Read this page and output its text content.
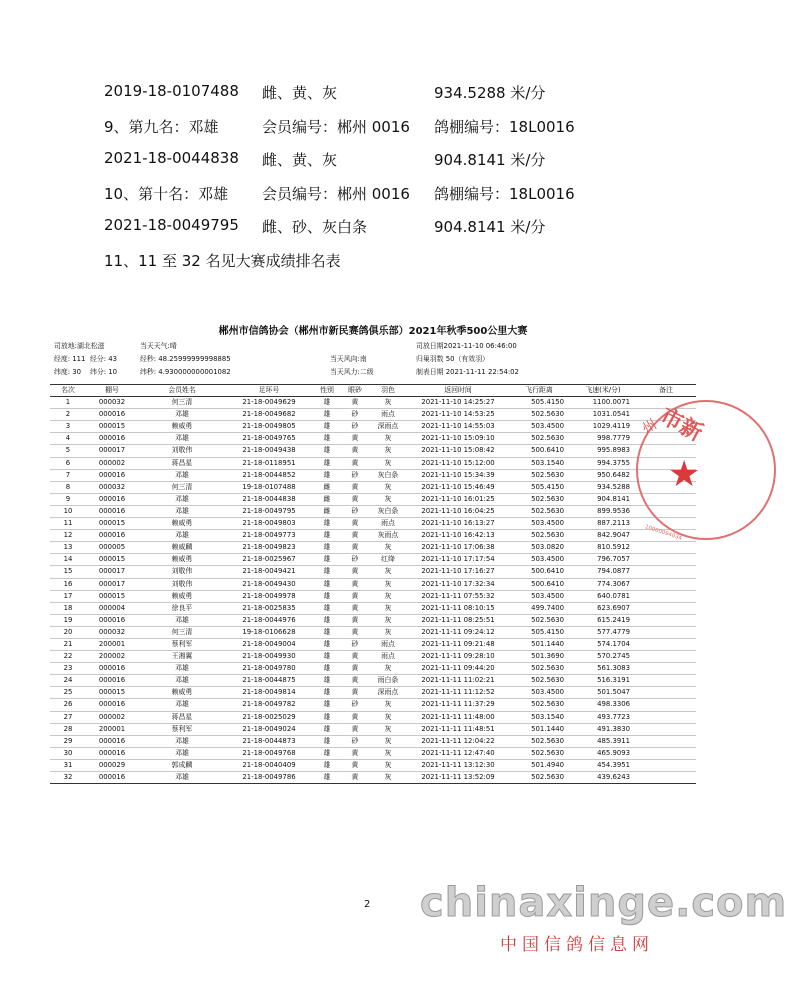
2019-18-0107488 雌、黄、灰	934.5288 米/分
9、第九名：邓雄	会员编号：郴州 0016 鸽棚编号：18L0016
2021-18-0044838 雌、黄、灰	904.8141 米/分
10、第十名：邓雄 会员编号：郴州 0016 鸽棚编号：18L0016
2021-18-0049795 雌、砂、灰白条	904.8141 米/分
11、11 至 32 名见大赛成绩排名表
郴州市信鸽协会（郴州市新民赛鸽俱乐部）2021年秋季500公里大赛
司放地:湖北松滋	当天天气:晴	司放日期2021-11-10 06:46:00
经度: 111 经分: 43	经秒: 48.25999999998885	当天风向:南	归巢羽数 50（有效羽）
纬度: 30 纬分: 10	纬秒: 4.930000000001082	当天风力:二级	制表日期 2021-11-11 22:54:02
名次	棚号	会员姓名	足环号	性别	眼砂	羽色	返回时间	飞行距离	飞速(米/分)	备注
1	000032	何三清	21-18-0049629	雄	黄	灰	2021-11-10 14:25:27	505.4150	1100.0071	
2	000016	邓雄	21-18-0049682	雄	砂	雨点	2021-11-10 14:53:25	502.5630	1031.0541	
3	000015	赖威勇	21-18-0049805	雄	砂	深雨点	2021-11-10 14:55:03	503.4500	1029.4119	
4	000016	邓雄	21-18-0049765	雄	黄	灰	2021-11-10 15:09:10	502.5630	998.7779	
5	000017	刘敬伟	21-18-0049438	雄	黄	灰	2021-11-10 15:08:42	500.6410	995.8983	
6	000002	蒋昌星	21-18-0118951	雄	黄	灰	2021-11-10 15:12:00	503.1540	994.3755	
7	000016	邓雄	21-18-0044852	雄	砂	灰白条	2021-11-10 15:34:39	502.5630	950.6482	
8	000032	何三清	19-18-0107488	雌	黄	灰	2021-11-10 15:46:49	505.4150	934.5288	
9	000016	邓雄	21-18-0044838	雌	黄	灰	2021-11-10 16:01:25	502.5630	904.8141	
10	000016	邓雄	21-18-0049795	雌	砂	灰白条	2021-11-10 16:04:25	502.5630	899.9536	
11	000015	赖威勇	21-18-0049803	雄	黄	雨点	2021-11-10 16:13:27	503.4500	887.2113	
12	000016	邓雄	21-18-0049773	雄	黄	灰雨点	2021-11-10 16:42:13	502.5630	842.9047	
13	000005	赖威麟	21-18-0049823	雄	黄	灰	2021-11-10 17:06:38	503.0820	810.5912	
14	000015	赖威勇	21-18-0025967	雄	砂	红绛	2021-11-10 17:17:54	503.4500	796.7057	
15	000017	刘敬伟	21-18-0049421	雄	黄	灰	2021-11-10 17:16:27	500.6410	794.0877	
16	000017	刘敬伟	21-18-0049430	雄	黄	灰	2021-11-10 17:32:34	500.6410	774.3067	
17	000015	赖威勇	21-18-0049978	雄	黄	灰	2021-11-11 07:55:32	503.4500	640.0781	
18	000004	徐良平	21-18-0025835	雄	黄	灰	2021-11-11 08:10:15	499.7400	623.6907	
19	000016	邓雄	21-18-0044976	雄	黄	灰	2021-11-11 08:25:51	502.5630	615.2419	
20	000032	何三清	19-18-0106628	雄	黄	灰	2021-11-11 09:24:12	505.4150	577.4779	
21	200001	蔡利军	21-18-0049004	雄	砂	雨点	2021-11-11 09:21:48	501.1440	574.1704	
22	200002	王湘翼	21-18-0049930	雄	黄	雨点	2021-11-11 09:28:10	501.3690	570.2745	
23	000016	邓雄	21-18-0049780	雄	黄	灰	2021-11-11 09:44:20	502.5630	561.3083	
24	000016	邓雄	21-18-0044875	雄	黄	雨白条	2021-11-11 11:02:21	502.5630	516.3191	
25	000015	赖威勇	21-18-0049814	雄	黄	深雨点	2021-11-11 11:12:52	503.4500	501.5047	
26	000016	邓雄	21-18-0049782	雄	砂	灰	2021-11-11 11:37:29	502.5630	498.3306	
27	000002	蒋昌星	21-18-0025029	雄	黄	灰	2021-11-11 11:48:00	503.1540	493.7723	
28	200001	蔡利军	21-18-0049024	雄	黄	灰	2021-11-11 11:48:51	501.1440	491.3830	
29	000016	邓雄	21-18-0044873	雄	砂	灰	2021-11-11 12:04:22	502.5630	485.3911	
30	000016	邓雄	21-18-0049768	雄	黄	灰	2021-11-11 12:47:40	502.5630	465.9093	
31	000029	郭成麟	21-18-0040409	雄	黄	灰	2021-11-11 13:12:30	501.4940	454.3951	
32	000016	邓雄	21-18-0049786	雄	黄	灰	2021-11-11 13:52:09	502.5630	439.6243	
2
州
市新
★
10000094034
chinaxinge.com
中国信鸽信息网
